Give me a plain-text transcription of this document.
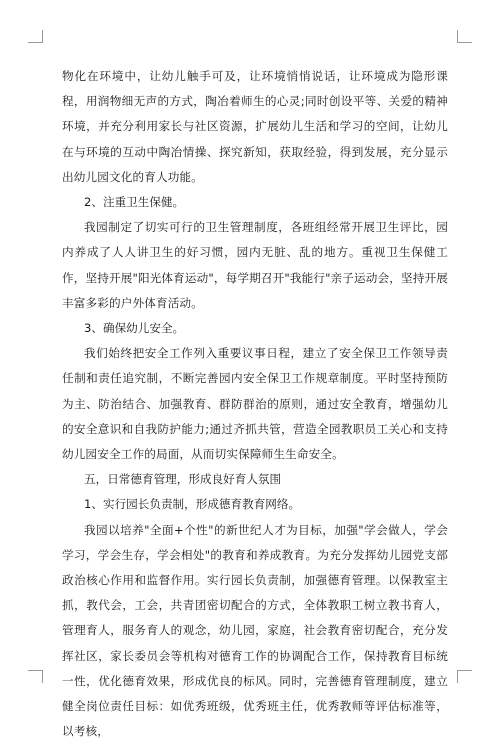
物化在环境中，让幼儿触手可及，让环境悄悄说话，让环境成为隐形课程，用润物细无声的方式，陶冶着师生的心灵;同时创设平等、关爱的精神环境，并充分利用家长与社区资源，扩展幼儿生活和学习的空间，让幼儿在与环境的互动中陶冶情操、探究新知，获取经验，得到发展，充分显示出幼儿园文化的育人功能。

2、注重卫生保健。

我园制定了切实可行的卫生管理制度，各班组经常开展卫生评比，园内养成了人人讲卫生的好习惯，园内无脏、乱的地方。重视卫生保健工作，坚持开展"阳光体育运动"，每学期召开"我能行"亲子运动会，坚持开展丰富多彩的户外体育活动。

3、确保幼儿安全。

我们始终把安全工作列入重要议事日程，建立了安全保卫工作领导责任制和责任追究制，不断完善园内安全保卫工作规章制度。平时坚持预防为主、防治结合、加强教育、群防群治的原则，通过安全教育，增强幼儿的安全意识和自我防护能力;通过齐抓共管，营造全园教职员工关心和支持幼儿园安全工作的局面，从而切实保障师生生命安全。

五，日常德育管理，形成良好育人氛围

1、实行园长负责制，形成德育教育网络。

我园以培养"全面+个性"的新世纪人才为目标，加强"学会做人，学会学习，学会生存，学会相处"的教育和养成教育。为充分发挥幼儿园党支部政治核心作用和监督作用。实行园长负责制，加强德育管理。以保教室主抓，教代会，工会，共青团密切配合的方式，全体教职工树立教书育人，管理育人，服务育人的观念，幼儿园，家庭，社会教育密切配合，充分发挥社区，家长委员会等机构对德育工作的协调配合工作，保持教育目标统一性，优化德育效果，形成优良的标风。同时，完善德育管理制度，建立健全岗位责任目标：如优秀班级，优秀班主任，优秀教师等评估标准等，以考核，
